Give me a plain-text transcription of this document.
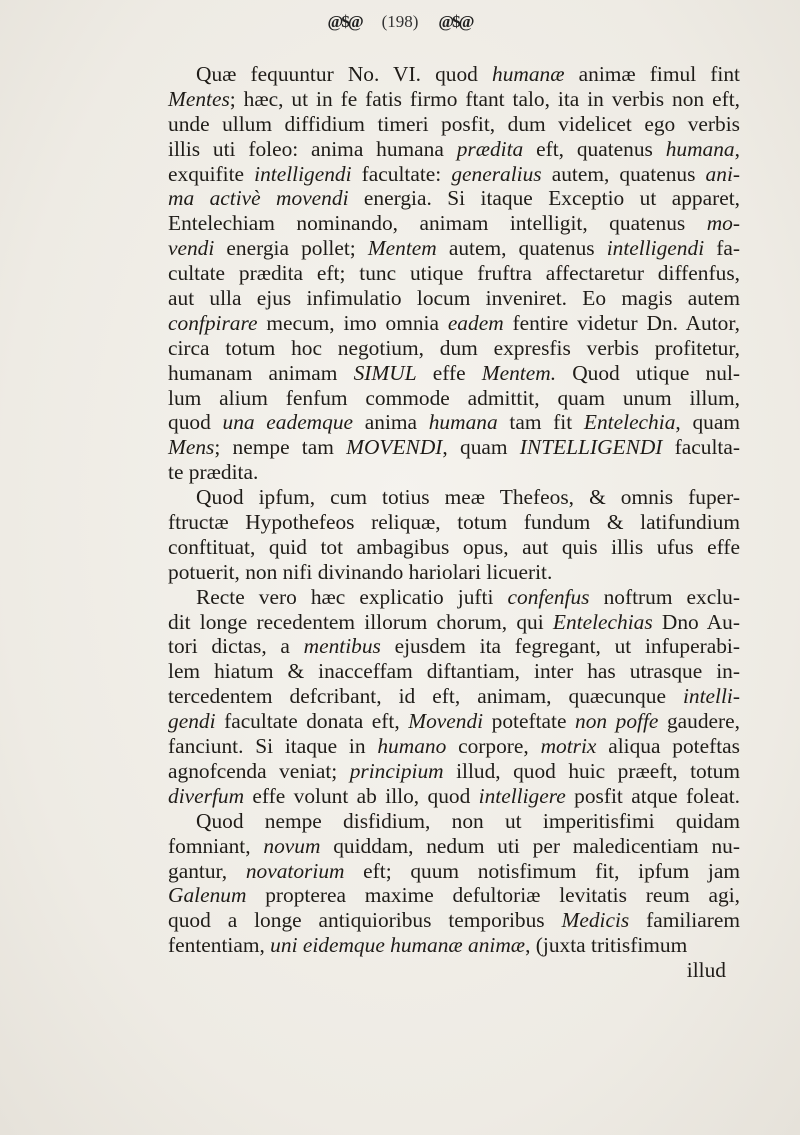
@$@	(198)	@$@
Quæ fequuntur No. VI. quod humanæ animæ fimul fint
Mentes; hæc, ut in fe fatis firmo ftant talo, ita in verbis non eft,
unde ullum diffidium timeri posfit, dum videlicet ego verbis
illis uti foleo: anima humana prædita eft, quatenus humana,
exquifite intelligendi facultate: generalius autem, quatenus ani-
ma activè movendi energia. Si itaque Exceptio ut apparet,
Entelechiam nominando, animam intelligit, quatenus mo-
vendi energia pollet; Mentem autem, quatenus intelligendi fa-
cultate prædita eft; tunc utique fruftra affectaretur diffenfus,
aut ulla ejus infimulatio locum inveniret. Eo magis autem
confpirare mecum, imo omnia eadem fentire videtur Dn. Autor,
circa totum hoc negotium, dum expresfis verbis profitetur,
humanam animam SIMUL effe Mentem. Quod utique nul-
lum alium fenfum commode admittit, quam unum illum,
quod una eademque anima humana tam fit Entelechia, quam
Mens; nempe tam MOVENDI, quam INTELLIGENDI faculta-
te prædita.
Quod ipfum, cum totius meæ Thefeos, & omnis fuper-
ftructæ Hypothefeos reliquæ, totum fundum & latifundium
conftituat, quid tot ambagibus opus, aut quis illis ufus effe
potuerit, non nifi divinando hariolari licuerit.
Recte vero hæc explicatio jufti confenfus noftrum exclu-
dit longe recedentem illorum chorum, qui Entelechias Dno Au-
tori dictas, a mentibus ejusdem ita fegregant, ut infuperabi-
lem hiatum & inacceffam diftantiam, inter has utrasque in-
tercedentem defcribant, id eft, animam, quæcunque intelli-
gendi facultate donata eft, Movendi poteftate non poffe gaudere,
fanciunt. Si itaque in humano corpore, motrix aliqua poteftas
agnofcenda veniat; principium illud, quod huic præeft, totum
diverfum effe volunt ab illo, quod intelligere posfit atque foleat.
Quod nempe disfidium, non ut imperitisfimi quidam
fomniant, novum quiddam, nedum uti per maledicentiam nu-
gantur, novatorium eft; quum notisfimum fit, ipfum jam
Galenum propterea maxime defultoriæ levitatis reum agi,
quod a longe antiquioribus temporibus Medicis familiarem
fententiam, uni eidemque humanæ animæ, (juxta tritisfimum
illud
